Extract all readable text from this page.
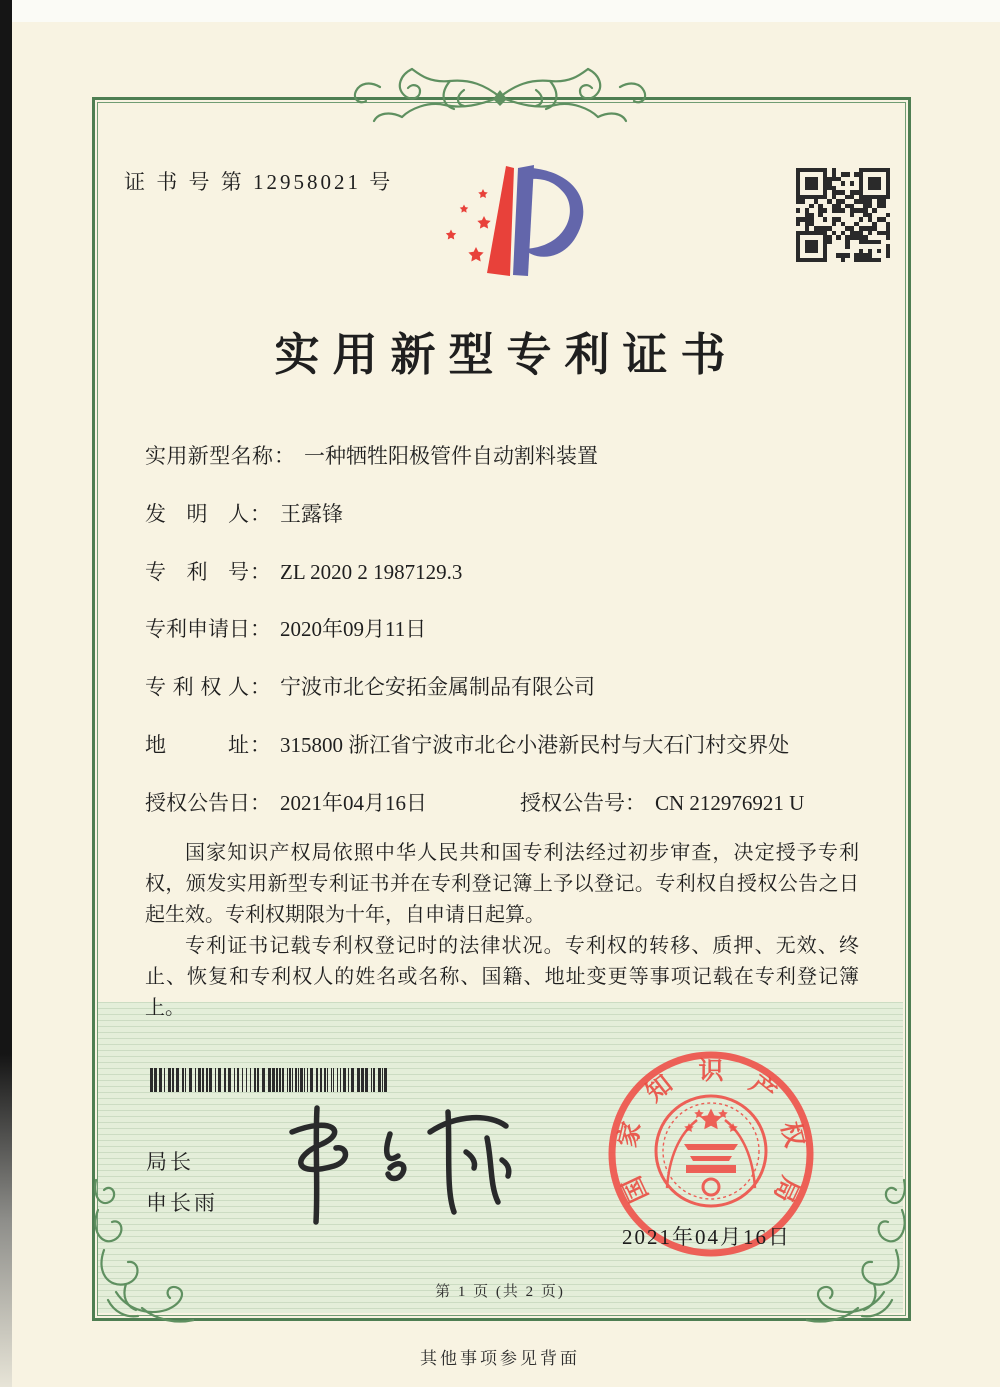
证 书 号 第 12958021 号
实用新型专利证书
实用新型名称： 一种牺牲阳极管件自动割料装置
发明人： 王露锋
专利号： ZL 2020 2 1987129.3
专利申请日： 2020年09月11日
专利权人： 宁波市北仑安拓金属制品有限公司
地址： 315800 浙江省宁波市北仑小港新民村与大石门村交界处
授权公告日： 2021年04月16日	授权公告号： CN 212976921 U

国家知识产权局依照中华人民共和国专利法经过初步审查，决定授予专利权，颁发实用新型专利证书并在专利登记簿上予以登记。专利权自授权公告之日起生效。专利权期限为十年，自申请日起算。

专利证书记载专利权登记时的法律状况。专利权的转移、质押、无效、终止、恢复和专利权人的姓名或名称、国籍、地址变更等事项记载在专利登记簿上。

局长
申长雨	国
家
知 识 产
权
局
2021年04月16日
第 1 页 (共 2 页)
其他事项参见背面
